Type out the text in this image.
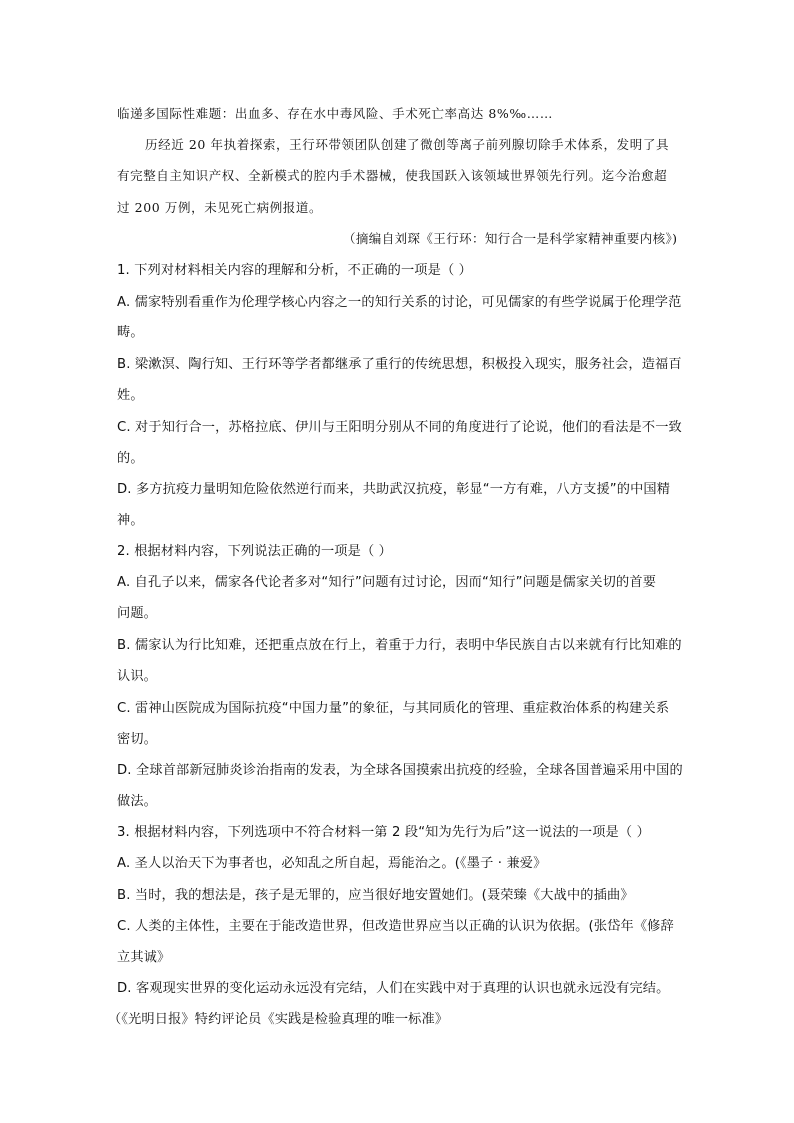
临递多国际性难题：出血多、存在水中毒风险、手术死亡率高达 8%‰……
历经近 20 年执着探索，王行环带领团队创建了微创等离子前列腺切除手术体系，发明了具
有完整自主知识产权、全新模式的腔内手术器械，使我国跃入该领域世界领先行列。迄今治愈超
过 200 万例，未见死亡病例报道。
（摘编自刘琛《王行环：知行合一是科学家精神重要内核》)
1. 下列对材料相关内容的理解和分析，不正确的一项是（ ）
A. 儒家特别看重作为伦理学核心内容之一的知行关系的讨论，可见儒家的有些学说属于伦理学范
畴。
B. 梁漱溟、陶行知、王行环等学者都继承了重行的传统思想，积极投入现实，服务社会，造福百
姓。
C. 对于知行合一，苏格拉底、伊川与王阳明分别从不同的角度进行了论说，他们的看法是不一致
的。
D. 多方抗疫力量明知危险依然逆行而来，共助武汉抗疫，彰显“一方有难，八方支援”的中国精
神。
2. 根据材料内容，下列说法正确的一项是（ ）
A. 自孔子以来，儒家各代论者多对“知行”问题有过讨论，因而“知行”问题是儒家关切的首要
问题。
B. 儒家认为行比知难，还把重点放在行上，着重于力行，表明中华民族自古以来就有行比知难的
认识。
C. 雷神山医院成为国际抗疫“中国力量”的象征，与其同质化的管理、重症救治体系的构建关系
密切。
D. 全球首部新冠肺炎诊治指南的发表，为全球各国摸索出抗疫的经验，全球各国普遍采用中国的
做法。
3. 根据材料内容，下列选项中不符合材料一第 2 段“知为先行为后”这一说法的一项是（ ）
A. 圣人以治天下为事者也，必知乱之所自起，焉能治之。(《墨子 · 兼爱》
B. 当时，我的想法是，孩子是无罪的，应当很好地安置她们。(聂荣臻《大战中的插曲》
C. 人类的主体性，主要在于能改造世界，但改造世界应当以正确的认识为依据。(张岱年《修辞
立其诚》
D. 客观现实世界的变化运动永远没有完结，人们在实践中对于真理的认识也就永远没有完结。
（《光明日报》特约评论员《实践是检验真理的唯一标准》
